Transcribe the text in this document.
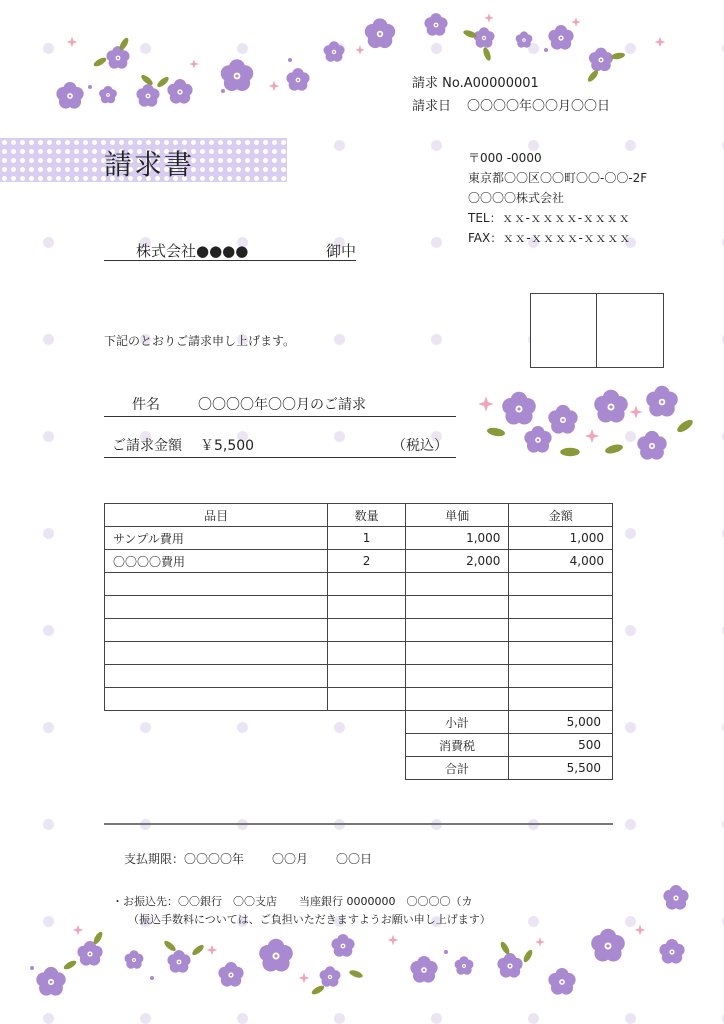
請求 No.A00000001
請求日 〇〇〇〇年〇〇月〇〇日
請求書	〒000 -0000
東京都〇〇区〇〇町〇〇-〇〇-2F
〇〇〇〇株式会社
TEL：ｘｘ-ｘｘｘｘ-ｘｘｘｘ
FAX：ｘｘ-ｘｘｘｘ-ｘｘｘｘ
株式会社●●●●	御中
下記のとおりご請求申し上げます。
件名	〇〇〇〇年〇〇月のご請求
ご請求金額 ￥5,500	（税込）
品目	数量	単価	金額
サンプル費用	1	1,000	1,000
〇〇〇〇費用	2	2,000	4,000

小計	5,000
消費税	500
合計	5,500
支払期限：〇〇〇〇年 〇〇月 〇〇日
・お振込先：〇〇銀行　〇〇支店　　当座銀行 0000000　〇〇〇〇（カ
（振込手数料については、ご負担いただきますようお願い申し上げます）
